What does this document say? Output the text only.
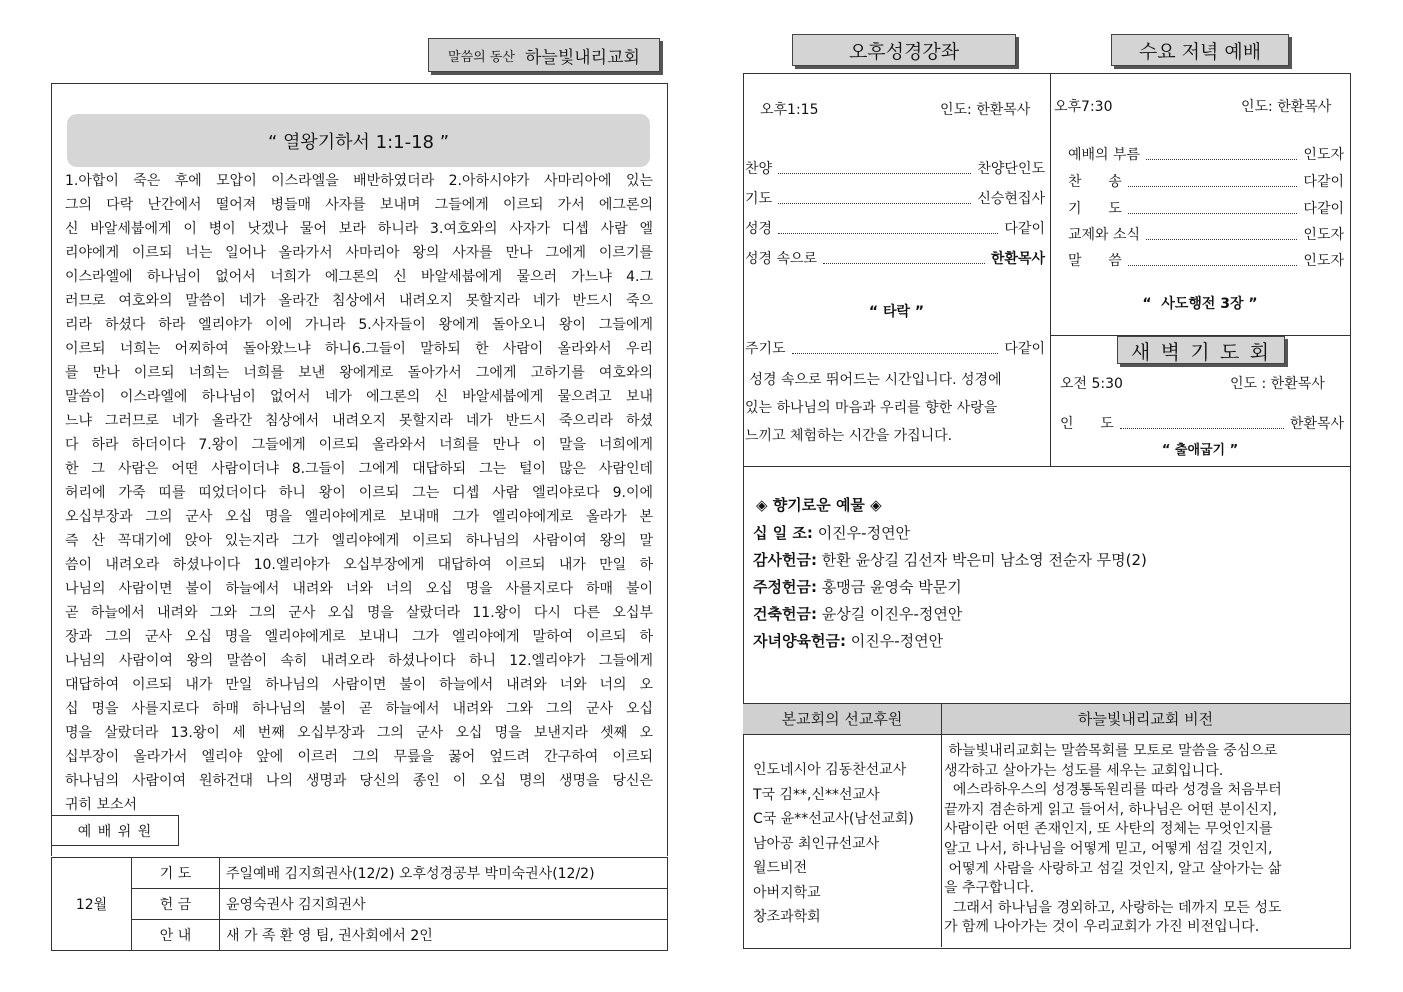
말씀의 동산 하늘빛내리교회
“ 열왕기하서 1:1-18 ”
1.아합이 죽은 후에 모압이 이스라엘을 배반하였더라 2.아하시야가 사마리아에 있는
그의 다락 난간에서 떨어져 병들매 사자를 보내며 그들에게 이르되 가서 에그론의
신 바알세붑에게 이 병이 낫겠나 물어 보라 하니라 3.여호와의 사자가 디셉 사람 엘
리야에게 이르되 너는 일어나 올라가서 사마리아 왕의 사자를 만나 그에게 이르기를
이스라엘에 하나님이 없어서 너희가 에그론의 신 바알세붑에게 물으러 가느냐 4.그
러므로 여호와의 말씀이 네가 올라간 침상에서 내려오지 못할지라 네가 반드시 죽으
리라 하셨다 하라 엘리야가 이에 가니라 5.사자들이 왕에게 돌아오니 왕이 그들에게
이르되 너희는 어찌하여 돌아왔느냐 하니6.그들이 말하되 한 사람이 올라와서 우리
를 만나 이르되 너희는 너희를 보낸 왕에게로 돌아가서 그에게 고하기를 여호와의
말씀이 이스라엘에 하나님이 없어서 네가 에그론의 신 바알세붑에게 물으려고 보내
느냐 그러므로 네가 올라간 침상에서 내려오지 못할지라 네가 반드시 죽으리라 하셨
다 하라 하더이다 7.왕이 그들에게 이르되 올라와서 너희를 만나 이 말을 너희에게
한 그 사람은 어떤 사람이더냐 8.그들이 그에게 대답하되 그는 털이 많은 사람인데
허리에 가죽 띠를 띠었더이다 하니 왕이 이르되 그는 디셉 사람 엘리야로다 9.이에
오십부장과 그의 군사 오십 명을 엘리야에게로 보내매 그가 엘리야에게로 올라가 본
즉 산 꼭대기에 앉아 있는지라 그가 엘리야에게 이르되 하나님의 사람이여 왕의 말
씀이 내려오라 하셨나이다 10.엘리야가 오십부장에게 대답하여 이르되 내가 만일 하
나님의 사람이면 불이 하늘에서 내려와 너와 너의 오십 명을 사를지로다 하매 불이
곧 하늘에서 내려와 그와 그의 군사 오십 명을 살랐더라 11.왕이 다시 다른 오십부
장과 그의 군사 오십 명을 엘리야에게로 보내니 그가 엘리야에게 말하여 이르되 하
나님의 사람이여 왕의 말씀이 속히 내려오라 하셨나이다 하니 12.엘리야가 그들에게
대답하여 이르되 내가 만일 하나님의 사람이면 불이 하늘에서 내려와 너와 너의 오
십 명을 사를지로다 하매 하나님의 불이 곧 하늘에서 내려와 그와 그의 군사 오십
명을 살랐더라 13.왕이 세 번째 오십부장과 그의 군사 오십 명을 보낸지라 셋째 오
십부장이 올라가서 엘리야 앞에 이르러 그의 무릎을 꿇어 엎드려 간구하여 이르되
하나님의 사람이여 원하건대 나의 생명과 당신의 종인 이 오십 명의 생명을 당신은
귀히 보소서
예 배 위 원
12월	기 도	주일예배 김지희권사(12/2) 오후성경공부 박미숙권사(12/2)
	헌 금	윤영숙권사 김지희권사
	안 내	새 가 족 환 영 팀, 권사회에서 2인
오후성경강좌	수요 저녁 예배
오후1:15	인도: 한환목사
찬양	찬양단인도
기도	신승현집사
성경	다같이
성경 속으로	한환목사
“ 타락 ”
주기도	다같이
성경 속으로 뛰어드는 시간입니다. 성경에
있는 하나님의 마음과 우리를 향한 사랑을
느끼고 체험하는 시간을 가집니다.
오후7:30	인도: 한환목사
예배의 부름	인도자
찬      송	다같이
기      도	다같이
교제와 소식	인도자
말      씀	인도자
“  사도행전 3장 ”
새 벽 기 도 회
오전 5:30	인도 : 한환목사
인      도	한환목사
“ 출애굽기 ”
◈ 향기로운 예물 ◈
십 일 조: 이진우-정연안
감사헌금: 한환 윤상길 김선자 박은미 남소영 전순자 무명(2)
주정헌금: 홍맹금 윤영숙 박문기
건축헌금: 윤상길 이진우-정연안
자녀양육헌금: 이진우-정연안
본교회의 선교후원	하늘빛내리교회 비전
인도네시아 김동찬선교사
T국 김**,신**선교사
C국 윤**선교사(남선교회)
남아공 최인규선교사
월드비전
아버지학교
창조과학회
하늘빛내리교회는 말씀목회를 모토로 말씀을 중심으로
생각하고 살아가는 성도를 세우는 교회입니다.
에스라하우스의 성경통독원리를 따라 성경을 처음부터
끝까지 겸손하게 읽고 들어서, 하나님은 어떤 분이신지,
사람이란 어떤 존재인지, 또 사탄의 정체는 무엇인지를
알고 나서, 하나님을 어떻게 믿고, 어떻게 섬길 것인지,
어떻게 사람을 사랑하고 섬길 것인지, 알고 살아가는 삶
을 추구합니다.
그래서 하나님을 경외하고, 사랑하는 데까지 모든 성도
가 함께 나아가는 것이 우리교회가 가진 비전입니다.
